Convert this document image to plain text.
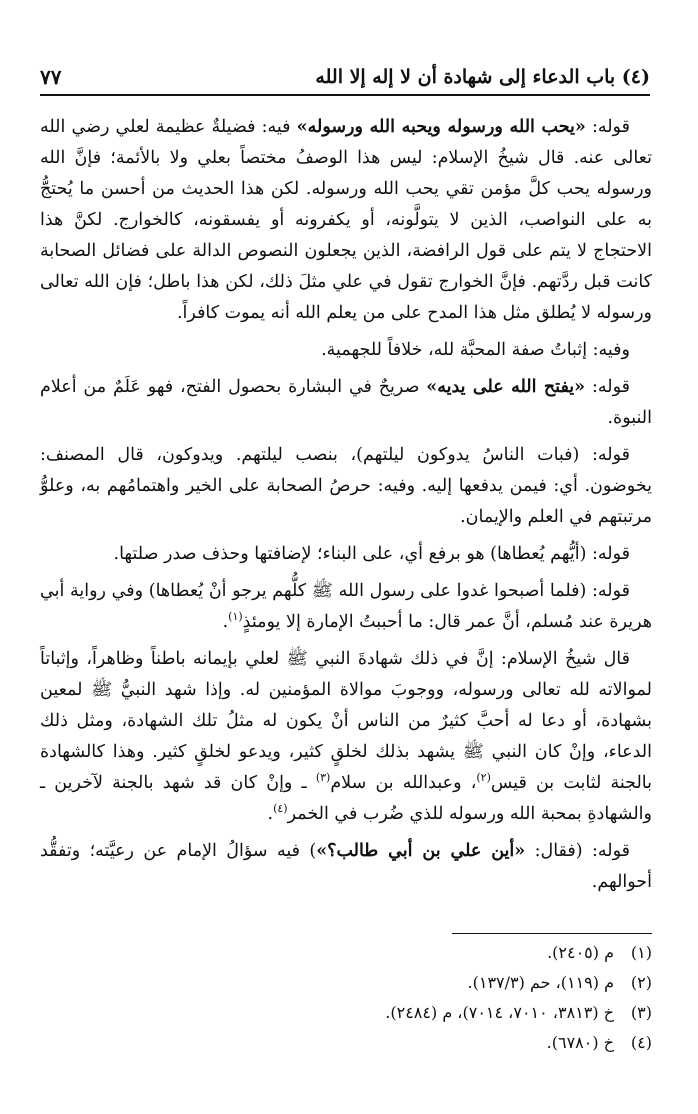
(٤) باب الدعاء إلى شهادة أن لا إله إلا الله
٧٧

قوله: «يحب الله ورسوله ويحبه الله ورسوله» فيه: فضيلةٌ عظيمة لعلي رضي الله تعالى عنه. قال شيخُ الإسلام: ليس هذا الوصفُ مختصاً بعلي ولا بالأئمة؛ فإنَّ الله ورسوله يحب كلَّ مؤمن تقي يحب الله ورسوله. لكن هذا الحديث من أحسن ما يُحتجُّ به على النواصب، الذين لا يتولَّونه، أو يكفرونه أو يفسقونه، كالخوارج. لكنَّ هذا الاحتجاج لا يتم على قول الرافضة، الذين يجعلون النصوص الدالة على فضائل الصحابة كانت قبل ردَّتهم. فإنَّ الخوارج تقول في علي مثلَ ذلك، لكن هذا باطل؛ فإن الله تعالى ورسوله لا يُطلق مثل هذا المدح على من يعلم الله أنه يموت كافراً.

وفيه: إثباتُ صفة المحبَّة لله، خلافاً للجهمية.

قوله: «يفتح الله على يديه» صريحٌ في البشارة بحصول الفتح، فهو عَلَمٌ من أعلام النبوة.

قوله: (فبات الناسُ يدوكون ليلتهم)، بنصب ليلتهم. ويدوكون، قال المصنف: يخوضون. أي: فيمن يدفعها إليه. وفيه: حرصُ الصحابة على الخير واهتمامُهم به، وعلوُّ مرتبتهم في العلم والإيمان.

قوله: (أيُّهم يُعطاها) هو برفع أي، على البناء؛ لإضافتها وحذف صدر صلتها.

قوله: (فلما أصبحوا غدوا على رسول الله ﷺ كلُّهم يرجو أنْ يُعطاها) وفي رواية أبي هريرة عند مُسلم، أنَّ عمر قال: ما أحببتُ الإمارة إلا يومئذٍ$^{(١)}$.

قال شيخُ الإسلام: إنَّ في ذلك شهادةَ النبي ﷺ لعلي بإيمانه باطناً وظاهراً، وإثباتاً لموالاته لله تعالى ورسوله، ووجوبَ موالاة المؤمنين له. وإذا شهد النبيُّ ﷺ لمعين بشهادة، أو دعا له أحبَّ كثيرٌ من الناس أنْ يكون له مثلُ تلك الشهادة، ومثل ذلك الدعاء، وإنْ كان النبي ﷺ يشهد بذلك لخلقٍ كثير، ويدعو لخلقٍ كثير. وهذا كالشهادة بالجنة لثابت بن قيس$^{(٢)}$، وعبدالله بن سلام$^{(٣)}$ ـ وإنْ كان قد شهد بالجنة لآخرين ـ والشهادةِ بمحبة الله ورسوله للذي ضُرب في الخمر$^{(٤)}$.

قوله: (فقال: «أين علي بن أبي طالب؟») فيه سؤالُ الإمام عن رعيَّته؛ وتفقُّد أحوالهم.

(١)م (٢٤٠٥).
(٢)م (١١٩)، حم (١٣٧/٣).
(٣)خ (٣٨١٣، ٧٠١٠، ٧٠١٤)، م (٢٤٨٤).
(٤)خ (٦٧٨٠).
